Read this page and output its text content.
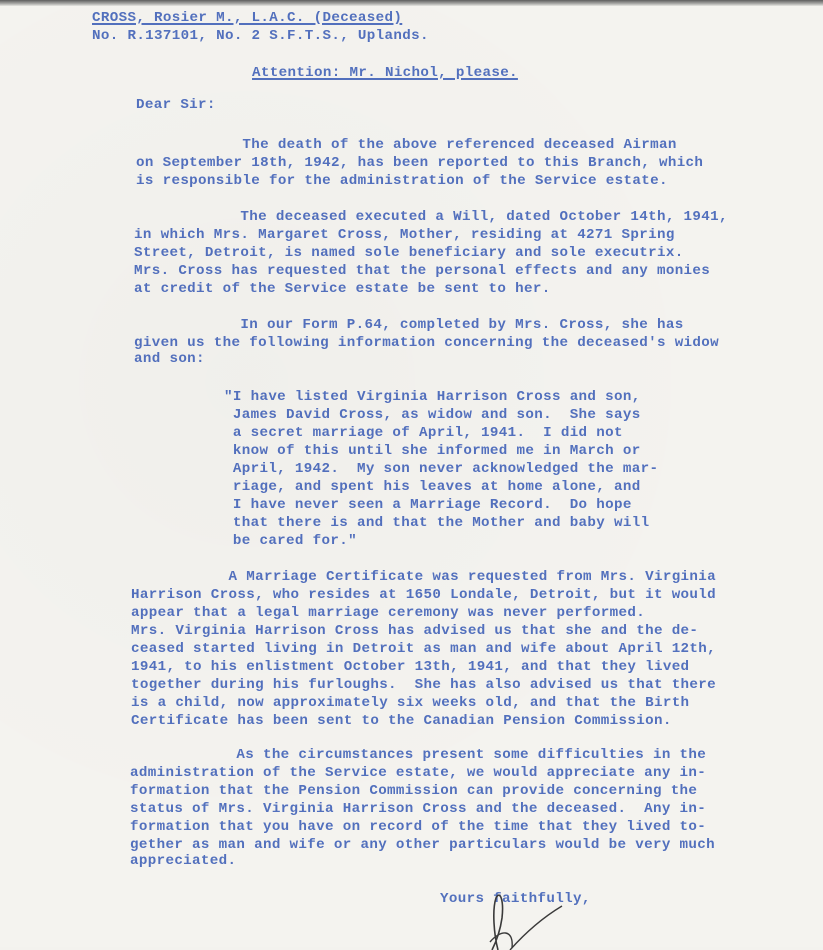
CROSS, Rosier M., L.A.C. (Deceased)
No. R.137101, No. 2 S.F.T.S., Uplands.
Attention: Mr. Nichol, please.
Dear Sir:
The death of the above referenced deceased Airman
on September 18th, 1942, has been reported to this Branch, which
is responsible for the administration of the Service estate.
The deceased executed a Will, dated October 14th, 1941,
in which Mrs. Margaret Cross, Mother, residing at 4271 Spring
Street, Detroit, is named sole beneficiary and sole executrix.
Mrs. Cross has requested that the personal effects and any monies
at credit of the Service estate be sent to her.
In our Form P.64, completed by Mrs. Cross, she has
given us the following information concerning the deceased's widow
and son:
"I have listed Virginia Harrison Cross and son,
James David Cross, as widow and son.  She says
a secret marriage of April, 1941.  I did not
know of this until she informed me in March or
April, 1942.  My son never acknowledged the mar-
riage, and spent his leaves at home alone, and
I have never seen a Marriage Record.  Do hope
that there is and that the Mother and baby will
be cared for."
A Marriage Certificate was requested from Mrs. Virginia
Harrison Cross, who resides at 1650 Londale, Detroit, but it would
appear that a legal marriage ceremony was never performed.
Mrs. Virginia Harrison Cross has advised us that she and the de-
ceased started living in Detroit as man and wife about April 12th,
1941, to his enlistment October 13th, 1941, and that they lived
together during his furloughs.  She has also advised us that there
is a child, now approximately six weeks old, and that the Birth
Certificate has been sent to the Canadian Pension Commission.
As the circumstances present some difficulties in the
administration of the Service estate, we would appreciate any in-
formation that the Pension Commission can provide concerning the
status of Mrs. Virginia Harrison Cross and the deceased.  Any in-
formation that you have on record of the time that they lived to-
gether as man and wife or any other particulars would be very much
appreciated.
Yours faithfully,
